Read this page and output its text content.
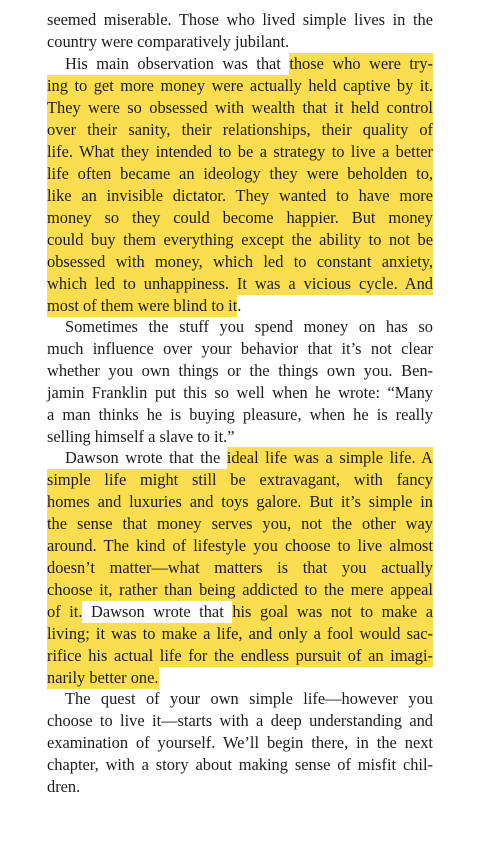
seemed miserable. Those who lived simple lives in the
country were comparatively jubilant.
His main observation was that those who were try-
ing to get more money were actually held captive by it.
They were so obsessed with wealth that it held control
over their sanity, their relationships, their quality of
life. What they intended to be a strategy to live a better
life often became an ideology they were beholden to,
like an invisible dictator. They wanted to have more
money so they could become happier. But money
could buy them everything except the ability to not be
obsessed with money, which led to constant anxiety,
which led to unhappiness. It was a vicious cycle. And
most of them were blind to it.
Sometimes the stuff you spend money on has so
much influence over your behavior that it’s not clear
whether you own things or the things own you. Ben-
jamin Franklin put this so well when he wrote: “Many
a man thinks he is buying pleasure, when he is really
selling himself a slave to it.”
Dawson wrote that the ideal life was a simple life. A
simple life might still be extravagant, with fancy
homes and luxuries and toys galore. But it’s simple in
the sense that money serves you, not the other way
around. The kind of lifestyle you choose to live almost
doesn’t matter—what matters is that you actually
choose it, rather than being addicted to the mere appeal
of it. Dawson wrote that his goal was not to make a
living; it was to make a life, and only a fool would sac-
rifice his actual life for the endless pursuit of an imagi-
narily better one.
The quest of your own simple life—however you
choose to live it—starts with a deep understanding and
examination of yourself. We’ll begin there, in the next
chapter, with a story about making sense of misfit chil-
dren.
